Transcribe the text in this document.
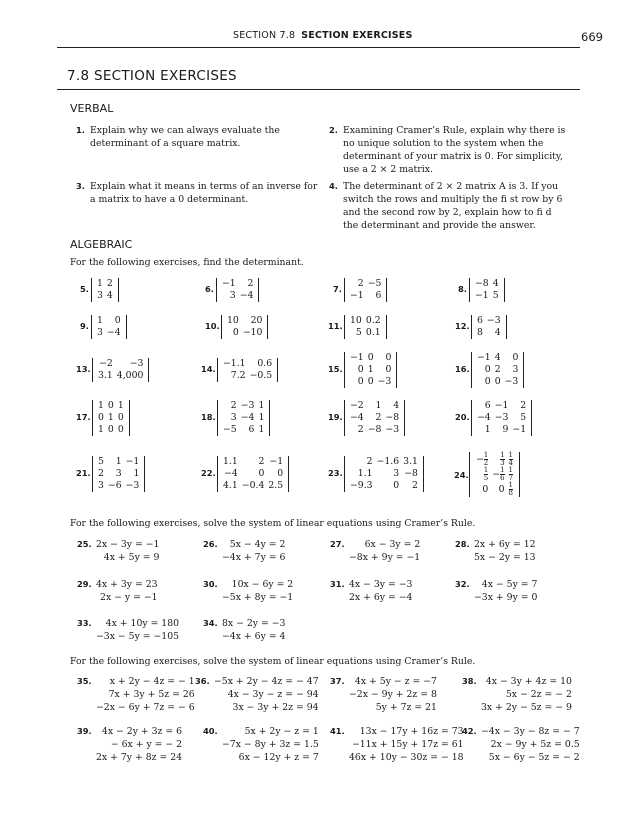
SECTION 7.8 SECTION EXERCISES	669
7.8 SECTION EXERCISES
VERBAL
1. Explain why we can always evaluate the determinant of a square matrix.
2. Examining Cramer’s Rule, explain why there is no unique solution to the system when the determinant of your matrix is 0. For simplicity, use a 2 × 2 matrix.
3. Explain what it means in terms of an inverse for a matrix to have a 0 determinant.
4. The determinant of 2 × 2 matrix A is 3. If you switch the rows and multiply the fi st row by 6 and the second row by 2, explain how to fi d the determinant and provide the answer.
ALGEBRAIC
For the following exercises, find the determinant.
5. 1	2
3	4
6. −1	2
3	−4
7. 2	−5
−1	6
8. −8	4
−1	5
9. 1	0
3	−4
10. 10	20
0	−10
11. 10	0.2
5	0.1
12. 6	−3
8	4
13. −2	−3
3.1	4,000
14. −1.1	0.6
7.2	−0.5
15.
−1	0	0
0	1	0
0	0	−3
16.
−1	4	0
0	2	3
0	0	−3
17.
1	0	1
0	1	0
1	0	0
18.
2	−3	1
3	−4	1
−5	6	1
19.
−2	1	4
−4	2	−8
2	−8	−3
20.
6	−1	2
−4	−3	5
1	9	−1
21.
5	1	−1
2	3	1
3	−6	−3
22.
1.1	2	−1
−4	0	0
4.1	−0.4	2.5
23.
2	−1.6	3.1
1.1	3	−8
−9.3	0	2
24.
− $\frac{1}{2}$	$\frac{1}{3}$	$\frac{1}{4}$

$\frac{1}{5}$	− $\frac{1}{6}$	$\frac{1}{7}$

0	0	$\frac{1}{8}$
For the following exercises, solve the system of linear equations using Cramer’s Rule.
For the following exercises, solve the system of linear equations using Cramer’s Rule.
25. 2x − 3y = −1
4x + 5y = 9
26.	5x − 4y = 2
−4x + 7y = 6
27.	6x − 3y = 2
−8x + 9y = −1
28. 2x + 6y = 12
5x − 2y = 13
29. 4x + 3y = 23
2x − y = −1
30.	10x − 6y = 2
−5x + 8y = −1
31. 4x − 3y = −3
2x + 6y = −4
32.	4x − 5y = 7
−3x + 9y = 0
33.	4x + 10y = 180
−3x − 5y = −105
34. 8x − 2y = −3
−4x + 6y = 4
35.	x + 2y − 4z = − 1
7x + 3y + 5z = 26
−2x − 6y + 7z = − 6
36. −5x + 2y − 4z = − 47
4x − 3y − z = − 94
3x − 3y + 2z = 94
37.	4x + 5y − z = −7
−2x − 9y + 2z = 8
5y + 7z = 21
38. 4x − 3y + 4z = 10
5x − 2z = − 2
3x + 2y − 5z = − 9
39.	4x − 2y + 3z = 6
− 6x + y = − 2
2x + 7y + 8z = 24
40.	5x + 2y − z = 1
−7x − 8y + 3z = 1.5
6x − 12y + z = 7
41.	13x − 17y + 16z = 73
−11x + 15y + 17z = 61
46x + 10y − 30z = − 18
42. −4x − 3y − 8z = − 7
2x − 9y + 5z = 0.5
5x − 6y − 5z = − 2
